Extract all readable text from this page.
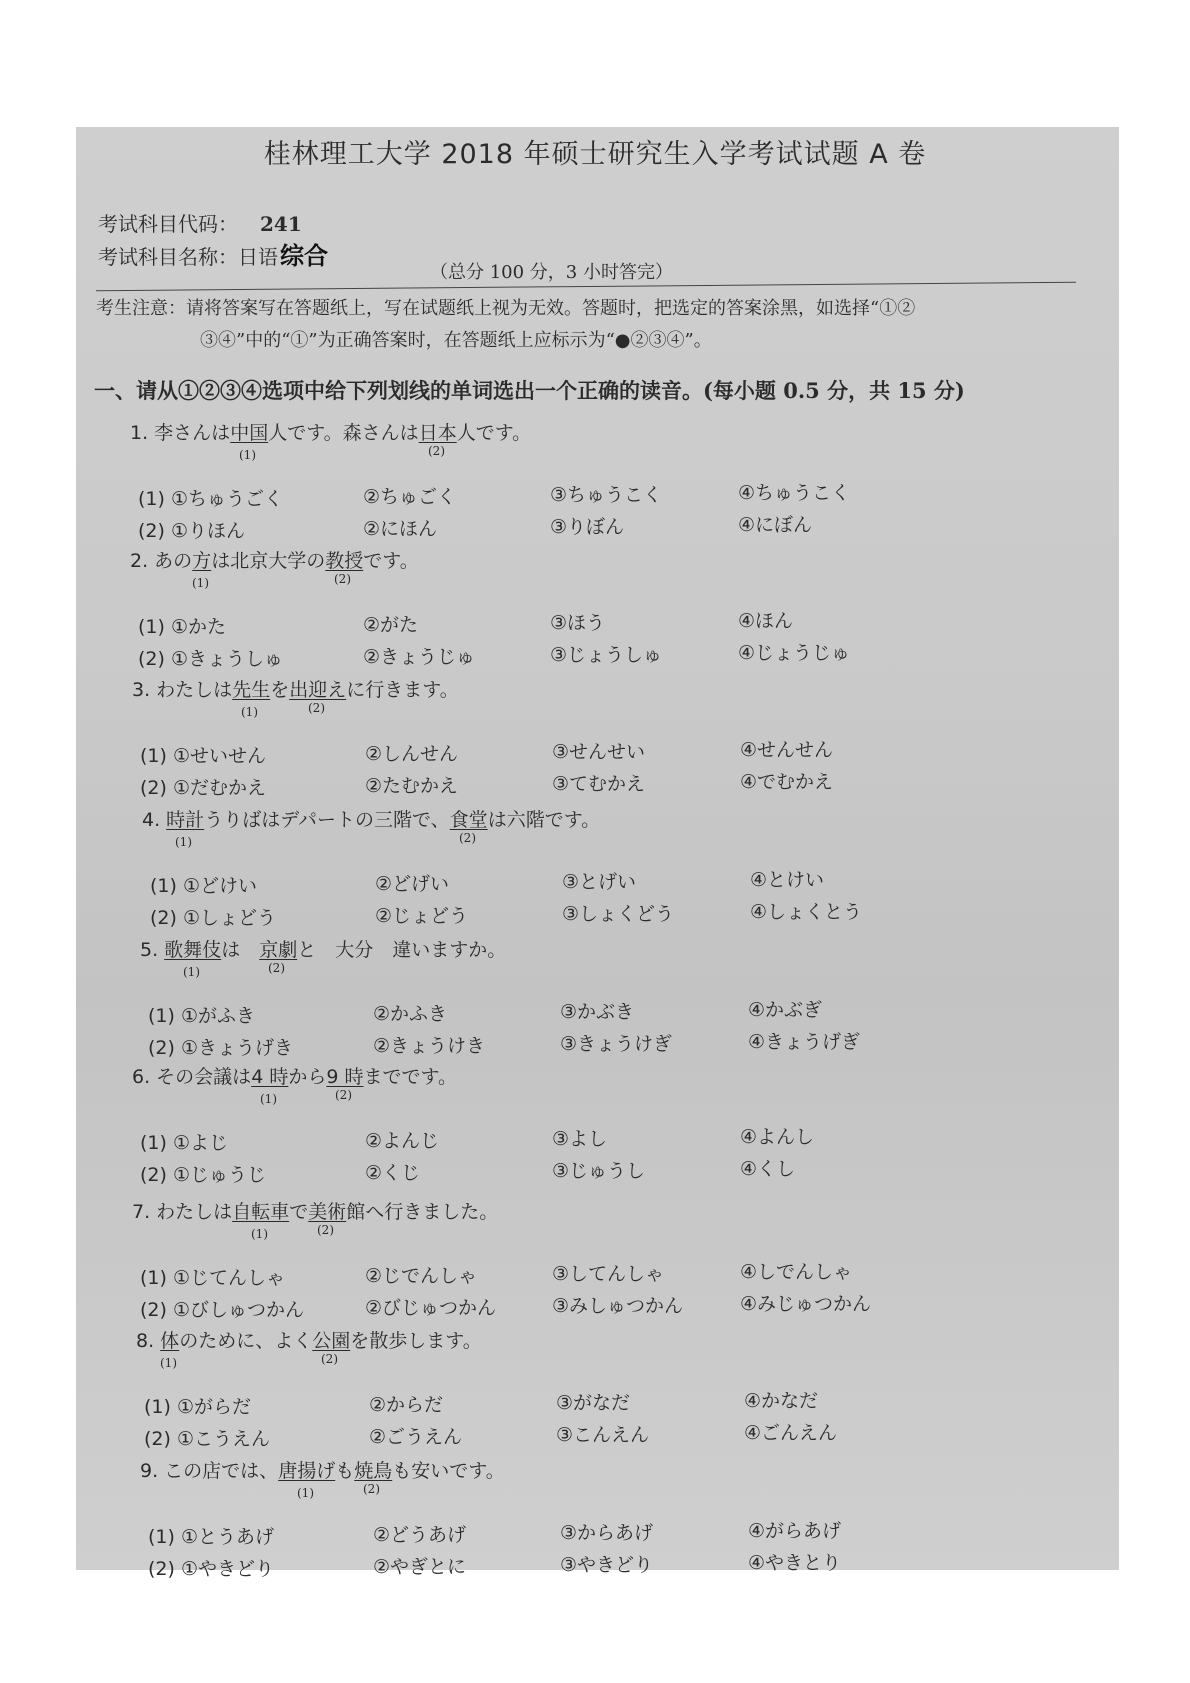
桂林理工大学 2018 年硕士研究生入学考试试题 A 卷
考试科目代码： 241
考试科目名称：日语综合
（总分 100 分，3 小时答完）
考生注意：请将答案写在答题纸上，写在试题纸上视为无效。答题时，把选定的答案涂黑，如选择“①②
③④”中的“①”为正确答案时，在答题纸上应标示为“●②③④”。
一、请从①②③④选项中给下列划线的单词选出一个正确的读音。(每小题 0.5 分，共 15 分)
1. 李さんは中国人です。森さんは日本人です。
(1)	(2)
(1) ①ちゅうごく	②ちゅごく	③ちゅうこく	④ちゅうこく
(2) ①りほん	②にほん	③りぼん	④にぼん
2. あの方は北京大学の教授です。
(1)	(2)
(1) ①かた	②がた	③ほう	④ほん
(2) ①きょうしゅ	②きょうじゅ	③じょうしゅ	④じょうじゅ
3. わたしは先生を出迎えに行きます。
(1)	(2)
(1) ①せいせん	②しんせん	③せんせい	④せんせん
(2) ①だむかえ	②たむかえ	③てむかえ	④でむかえ
4. 時計うりばはデパートの三階で、食堂は六階です。
(1)	(2)
(1) ①どけい	②どげい	③とげい	④とけい
(2) ①しょどう	②じょどう	③しょくどう	④しょくとう
5. 歌舞伎は　京劇と　大分　違いますか。
(1)	(2)
(1) ①がふき	②かふき	③かぶき	④かぶぎ
(2) ①きょうげき	②きょうけき	③きょうけぎ	④きょうげぎ
6. その会議は4 時から9 時までです。
(1)	(2)
(1) ①よじ	②よんじ	③よし	④よんし
(2) ①じゅうじ	②くじ	③じゅうし	④くし
7. わたしは自転車で美術館へ行きました。
(1)	(2)
(1) ①じてんしゃ	②じでんしゃ	③してんしゃ	④しでんしゃ
(2) ①びしゅつかん	②びじゅつかん	③みしゅつかん	④みじゅつかん
8. 体のために、よく公園を散歩します。
(1)	(2)
(1) ①がらだ	②からだ	③がなだ	④かなだ
(2) ①こうえん	②ごうえん	③こんえん	④ごんえん
9. この店では、唐揚げも焼鳥も安いです。
(1)	(2)
(1) ①とうあげ	②どうあげ	③からあげ	④がらあげ
(2) ①やきどり	②やぎとに	③やきどり	④やきとり
